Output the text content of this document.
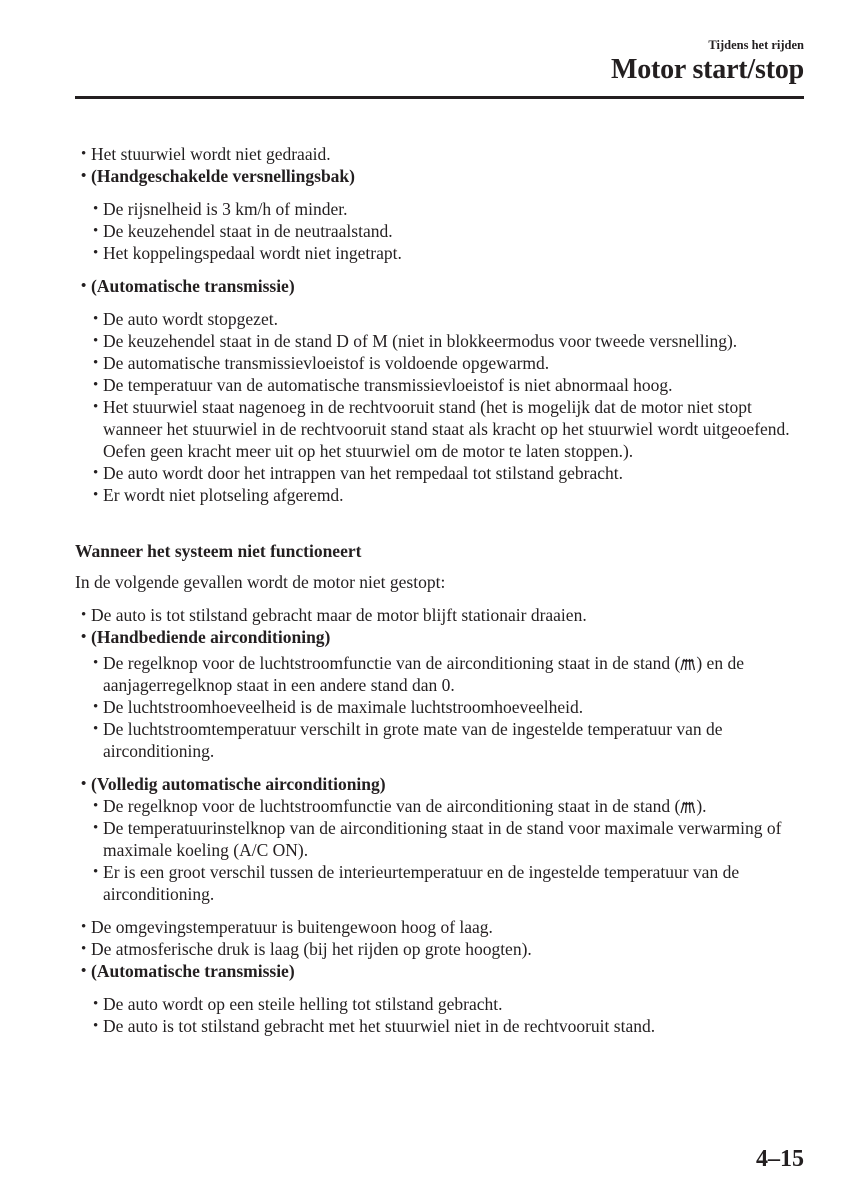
Tijdens het rijden
Motor start/stop
• Het stuurwiel wordt niet gedraaid.
• (Handgeschakelde versnellingsbak)
• De rijsnelheid is 3 km/h of minder.
• De keuzehendel staat in de neutraalstand.
• Het koppelingspedaal wordt niet ingetrapt.
• (Automatische transmissie)
• De auto wordt stopgezet.
• De keuzehendel staat in de stand D of M (niet in blokkeermodus voor tweede versnelling).
• De automatische transmissievloeistof is voldoende opgewarmd.
• De temperatuur van de automatische transmissievloeistof is niet abnormaal hoog.
• Het stuurwiel staat nagenoeg in de rechtvooruit stand (het is mogelijk dat de motor niet stopt wanneer het stuurwiel in de rechtvooruit stand staat als kracht op het stuurwiel wordt uitgeoefend. Oefen geen kracht meer uit op het stuurwiel om de motor te laten stoppen.).
• De auto wordt door het intrappen van het rempedaal tot stilstand gebracht.
• Er wordt niet plotseling afgeremd.
Wanneer het systeem niet functioneert
In de volgende gevallen wordt de motor niet gestopt:
• De auto is tot stilstand gebracht maar de motor blijft stationair draaien.
• (Handbediende airconditioning)
• De regelknop voor de luchtstroomfunctie van de airconditioning staat in de stand ( ) en de aanjagerregelknop staat in een andere stand dan 0.
• De luchtstroomhoeveelheid is de maximale luchtstroomhoeveelheid.
• De luchtstroomtemperatuur verschilt in grote mate van de ingestelde temperatuur van de airconditioning.
• (Volledig automatische airconditioning)
• De regelknop voor de luchtstroomfunctie van de airconditioning staat in de stand ( ).
• De temperatuurinstelknop van de airconditioning staat in de stand voor maximale verwarming of maximale koeling (A/C ON).
• Er is een groot verschil tussen de interieurtemperatuur en de ingestelde temperatuur van de airconditioning.
• De omgevingstemperatuur is buitengewoon hoog of laag.
• De atmosferische druk is laag (bij het rijden op grote hoogten).
• (Automatische transmissie)
• De auto wordt op een steile helling tot stilstand gebracht.
• De auto is tot stilstand gebracht met het stuurwiel niet in de rechtvooruit stand.
4–15
